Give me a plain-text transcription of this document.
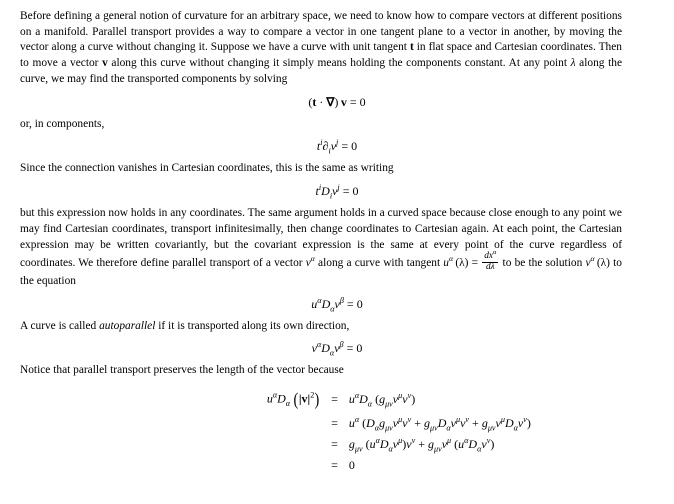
Before defining a general notion of curvature for an arbitrary space, we need to know how to compare vectors at different positions on a manifold. Parallel transport provides a way to compare a vector in one tangent plane to a vector in another, by moving the vector along a curve without changing it. Suppose we have a curve with unit tangent t in flat space and Cartesian coordinates. Then to move a vector v along this curve without changing it simply means holding the components constant. At any point λ along the curve, we may find the transported components by solving

(t · ∇)  v = 0

or, in components,

$t^i\partial_iv^j = 0$

Since the connection vanishes in Cartesian coordinates, this is the same as writing

$t^iD_iv^j = 0$

but this expression now holds in any coordinates. The same argument holds in a curved space because close enough to any point we may find Cartesian coordinates, transport infinitesimally, then change coordinates to Cartesian again. At each point, the Cartesian expression may be written covariantly, but the covariant expression is the same at every point of the curve regardless of coordinates. We therefore define parallel transport of a vector $v^\alpha$ along a curve with tangent $u^\alpha$  $(\lambda) = \frac{dx^\alpha}{d\lambda}$ to be the solution $v^\alpha$  (λ) to the equation

$u^\alpha D_\alpha v^\beta = 0$

A curve is called autoparallel if it is transported along its own direction,

$v^\alpha D_\alpha v^\beta = 0$

Notice that parallel transport preserves the length of the vector because

$u^\alpha D_\alpha$ $(|v|^2)$	=	$u^\alpha D_\alpha$ $(g_{\mu\nu}v^\mu v^\nu)$
	=	$u^\alpha$ $(D_\alpha g_{\mu\nu}v^\mu v^\nu + g_{\mu\nu}D_\alpha v^\mu v^\nu + g_{\mu\nu}v^\mu D_\alpha v^\nu)$
	=	$g_{\mu\nu}$ $(u^\alpha D_\alpha v^\mu)v^\nu + g_{\mu\nu}v^\mu$ $(u^\alpha D_\alpha v^\nu)$
	=	0
